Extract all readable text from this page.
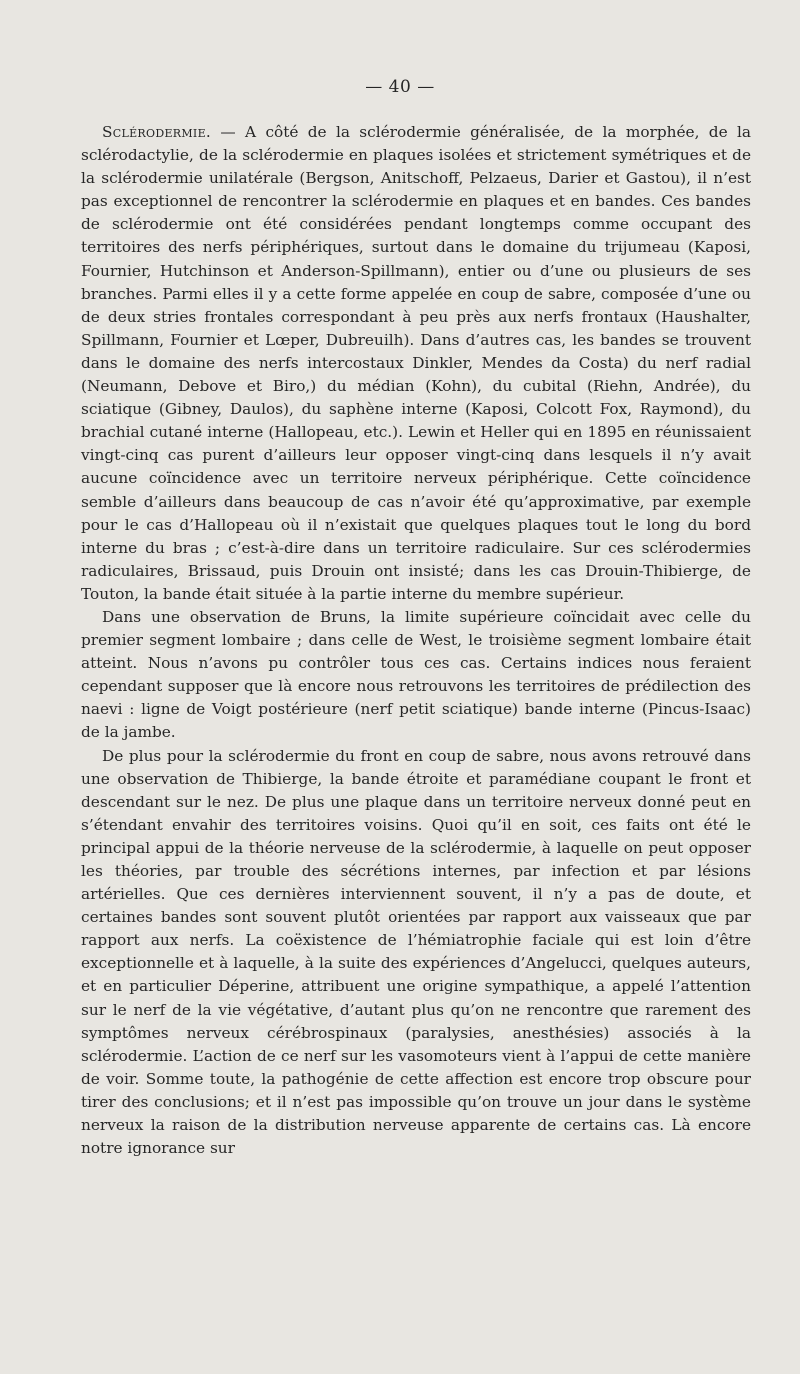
— 40 —

Sclérodermie. — A côté de la sclérodermie généralisée, de la morphée, de la sclérodactylie, de la sclérodermie en plaques isolées et strictement symétriques et de la sclérodermie unilatérale (Bergson, Anitschoff, Pelzaeus, Darier et Gastou), il n’est pas exceptionnel de rencontrer la sclérodermie en plaques et en bandes. Ces bandes de sclérodermie ont été considérées pendant longtemps comme occupant des territoires des nerfs périphériques, surtout dans le domaine du trijumeau (Kaposi, Fournier, Hutchinson et Anderson-Spillmann), entier ou d’une ou plusieurs de ses branches. Parmi elles il y a cette forme appelée en coup de sabre, composée d’une ou de deux stries frontales correspondant à peu près aux nerfs frontaux (Haushalter, Spillmann, Fournier et Lœper, Dubreuilh). Dans d’autres cas, les bandes se trouvent dans le domaine des nerfs intercostaux Dinkler, Mendes da Costa) du nerf radial (Neumann, Debove et Biro,) du médian (Kohn), du cubital (Riehn, Andrée), du sciatique (Gibney, Daulos), du saphène interne (Kaposi, Colcott Fox, Raymond), du brachial cutané interne (Hallopeau, etc.). Lewin et Heller qui en 1895 en réunissaient vingt-cinq cas purent d’ailleurs leur opposer vingt-cinq dans lesquels il n’y avait aucune coïncidence avec un territoire nerveux périphérique. Cette coïncidence semble d’ailleurs dans beaucoup de cas n’avoir été qu’approximative, par exemple pour le cas d’Hallopeau où il n’existait que quelques plaques tout le long du bord interne du bras ; c’est-à-dire dans un territoire radiculaire. Sur ces sclérodermies radiculaires, Brissaud, puis Drouin ont insisté; dans les cas Drouin-Thibierge, de Touton, la bande était située à la partie interne du membre supérieur.

Dans une observation de Bruns, la limite supérieure coïncidait avec celle du premier segment lombaire ; dans celle de West, le troisième segment lombaire était atteint. Nous n’avons pu contrôler tous ces cas. Certains indices nous feraient cependant supposer que là encore nous retrouvons les territoires de prédilection des naevi : ligne de Voigt postérieure (nerf petit sciatique) bande interne (Pincus-Isaac) de la jambe.

De plus pour la sclérodermie du front en coup de sabre, nous avons retrouvé dans une observation de Thibierge, la bande étroite et paramédiane coupant le front et descendant sur le nez. De plus une plaque dans un territoire nerveux donné peut en s’étendant envahir des territoires voisins. Quoi qu’il en soit, ces faits ont été le principal appui de la théorie nerveuse de la sclérodermie, à laquelle on peut opposer les théories, par trouble des sécrétions internes, par infection et par lésions artérielles. Que ces dernières interviennent souvent, il n’y a pas de doute, et certaines bandes sont souvent plutôt orientées par rapport aux vaisseaux que par rapport aux nerfs. La coëxistence de l’hémiatrophie faciale qui est loin d’être exceptionnelle et à laquelle, à la suite des expériences d’Angelucci, quelques auteurs, et en particulier Déperine, attribuent une origine sympathique, a appelé l’attention sur le nerf de la vie végétative, d’autant plus qu’on ne rencontre que rarement des symptômes nerveux cérébrospinaux (paralysies, anesthésies) associés à la sclérodermie. L’action de ce nerf sur les vasomoteurs vient à l’appui de cette manière de voir. Somme toute, la pathogénie de cette affection est encore trop obscure pour tirer des conclusions; et il n’est pas impossible qu’on trouve un jour dans le système nerveux la raison de la distribution nerveuse apparente de certains cas. Là encore notre ignorance sur
